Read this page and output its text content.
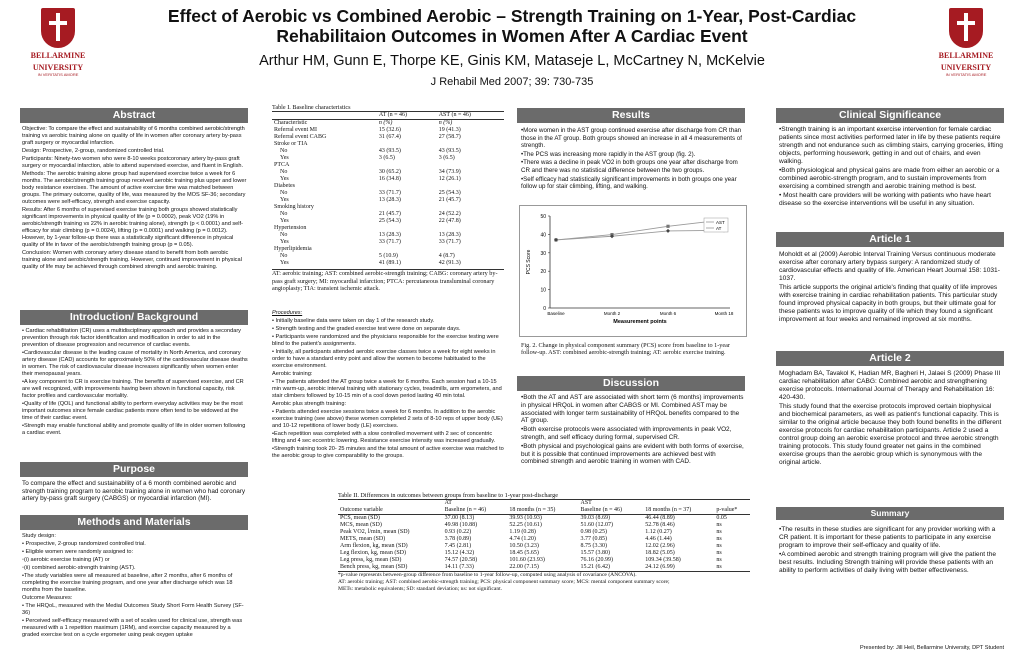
BELLARMINE
UNIVERSITY
IN VERITATIS AMORE
BELLARMINE
UNIVERSITY
IN VERITATIS AMORE
Effect of Aerobic vs Combined Aerobic – Strength Training on 1-Year, Post-Cardiac
Rehabilitaion Outcomes in Women After A Cardiac Event
Arthur HM, Gunn E, Thorpe KE, Ginis KM, Mataseje L, McCartney N, McKelvie
J Rehabil Med 2007; 39: 730-735
Abstract

Objective: To compare the effect and sustainability of 6 months combined aerobic/strength training vs aerobic training alone on quality of life in women after coronary artery by-pass graft surgery or myocardial infarction.

Design: Prospective, 2-group, randomized controlled trial.

Participants: Ninety-two women who were 8-10 weeks postcoronary artery by-pass graft surgery or myocardial infarction, able to attend supervised exercise, and fluent in English.

Methods: The aerobic training alone group had supervised exercise twice a week for 6 months. The aerobic/strength training group received aerobic training plus upper and lower body resistance exercises. The amount of active exercise time was matched between groups. The primary outcome, quality of life, was measured by the MOS SF-36; secondary outcomes were self-efficacy, strength and exercise capacity.

Results: After 6 months of supervised exercise training both groups showed statistically significant improvements in physical quality of life (p = 0.0002), peak VO2 (19% in aerobic/strength training vs 22% in aerobic training alone), strength (p < 0.0001) and self-efficacy for stair climbing (p = 0.0024), lifting (p = 0.0001) and walking (p = 0.0012). However, by 1-year follow-up there was a statistically significant difference in physical quality of life in favor of the aerobic/strength training group (p = 0.05).

Conclusion: Women with coronary artery disease stand to benefit from both aerobic training alone and aerobic/strength training. However, continued improvement in physical quality of life may be achieved through combined strength and aerobic training.

Introduction/ Background

• Cardiac rehabilitation (CR) uses a multidisciplinary approach and provides a secondary prevention through risk factor identification and modification in order to aid in the prevention of disease progression and recurrence of cardiac events.

•Cardiovascular disease is the leading cause of mortality in North America, and coronary artery disease (CAD) accounts for approximately 50% of the cardiovascular disease deaths in women. The risk of cardiovascular disease increases significantly when women enter their menopausal years.

•A key component to CR is exercise training. The benefits of supervised exercise, and CR are well recognized, with improvements having been shown in functional capacity, risk factor profiles and cardiovascular mortality.

•Quality of life (QOL) and functional ability to perform everyday activities may be the most important outcomes since female cardiac patients more often tend to be widowed at the time of their cardiac event.

•Strength may enable functional ability and promote quality of life in older women following a cardiac event.

Purpose
To compare the effect and sustainability of a 6 month combined aerobic and strength training program to aerobic training alone in women who had coronary artery by-pass graft surgery (CABGS) or myocardial infarction (MI).
Methods and Materials

Study design:

• Prospective, 2-group randomized controlled trial.

• Eligible women were randomly assigned to:

◦(i) aerobic exercise training (AT) or

◦(ii) combined aerobic-strength training (AST).

•The study variables were all measured at baseline, after 2 months, after 6 months of completing the exercise training program, and one year after discharge which was 18 months from the baseline.

Outcome Measures:

• The HRQoL, measured with the Medial Outcomes Study Short Form Health Survey (SF-36)

• Perceived self-efficacy measured with a set of scales used for clinical use, strength was measured with a 1 repetition maximum (1RM), and exercise capacity measured by a graded exercise test on a cycle ergometer using peak oxygen uptake

Table I. Baseline characteristics
	AT (n = 46)	AST (n = 46)
Characteristic	n (%)	n (%)
Referral event MI	15 (32.6)	19 (41.3)
Referral event CABG	31 (67.4)	27 (58.7)
Stroke or TIA		
No	43 (93.5)	43 (93.5)
Yes	3 (6.5)	3 (6.5)
PTCA		
No	30 (65.2)	34 (73.9)
Yes	16 (34.8)	12 (26.1)
Diabetes		
No	33 (71.7)	25 (54.3)
Yes	13 (28.3)	21 (45.7)
Smoking history		
No	21 (45.7)	24 (52.2)
Yes	25 (54.3)	22 (47.8)
Hypertension		
No	13 (28.3)	13 (28.3)
Yes	33 (71.7)	33 (71.7)
Hyperlipidemia		
No	5 (10.9)	4 (8.7)
Yes	41 (89.1)	42 (91.3)
AT: aerobic training; AST: combined aerobic-strength training; CABG: coronary artery by-pass graft surgery; MI: myocardial infarction; PTCA: percutaneous transluminal coronary angioplasty; TIA: transient ischemic attack.

Procedures:

• Initially baseline data were taken on day 1 of the research study.

• Strength testing and the graded exercise test were done on separate days.

• Participants were randomized and the physicians responsible for the exercise testing were blind to the patient's assignments.

• Initially, all participants attended aerobic exercise classes twice a week for eight weeks in order to have a standard entry point and allow the women to become habituated to the exercise environment.

Aerobic training:

• The patients attended the AT group twice a week for 6 months. Each session had a 10-15 min warm-up, aerobic interval training with stationary cycles, treadmills, arm ergometers, and stair climbers followed by 10-15 min of a cool down period lasting 40 min total.

Aerobic plus strength training:

• Patients attended exercise sessions twice a week for 6 months. In addition to the aerobic exercise training (see above) these women completed 2 sets of 8-10 reps of upper body (UE) and 10-12 repetitions of lower body (LE) exercises.

•Each repetition was completed with a slow controlled movement with 2 sec of concentric lifting and 4 sec eccentric lowering. Resistance exercise intensity was increased gradually.

•Strength training took 20- 25 minutes and the total amount of active exercise was matched to the aerobic group to give comparability to the groups.

Table II. Differences in outcomes between groups from baseline to 1-year post-discharge
	AT		AST		
Outcome variable	Baseline (n = 46)	18 months (n = 35)	Baseline (n = 46)	18 months (n = 37)	p-value*
PCS, mean (SD)	37.00 (8.13)	39.93 (10.93)	39.03 (8.69)	46.44 (8.89)	0.05
MCS, mean (SD)	49.98 (10.88)	52.25 (10.61)	51.60 (12.07)	52.78 (8.46)	ns
Peak VO2, l/min, mean (SD)	0.93 (0.22)	1.19 (0.28)	0.98 (0.25)	1.12 (0.27)	ns
METS, mean (SD)	3.78 (0.89)	4.74 (1.20)	3.77 (0.85)	4.46 (1.44)	ns
Arm flexion, kg, mean (SD)	7.45 (2.81)	10.50 (3.23)	8.75 (3.30)	12.02 (2.96)	ns
Leg flexion, kg, mean (SD)	15.12 (4.32)	18.45 (5.65)	15.57 (3.80)	18.82 (5.05)	ns
Leg press, kg, mean (SD)	74.57 (20.58)	101.60 (23.93)	76.16 (20.99)	109.34 (39.58)	ns
Bench press, kg, mean (SD)	14.11 (7.33)	22.00 (7.15)	15.21 (6.42)	24.12 (6.99)	ns
*p-value represents between-group difference from baseline to 1-year follow-up, computed using analysis of covariance (ANCOVA).
AT: aerobic training; AST: combined aerobic-strength training; PCS: physical component summary score; MCS: mental component summary score;
METs: metabolic equivalents; SD: standard deviation; ns: not significant.
Results

•More women in the AST group continued exercise after discharge from CR than those in the AT group. Both groups showed an increase in all 4 measurements of strength.

•The PCS was increasing more rapidly in the AST group (fig. 2).

•There was a decline in peak VO2 in both groups one year after discharge from CR and there was no statistical difference between the two groups.

•Self efficacy had statistically significant improvements in both groups one year follow up for stair climbing, lifting, and walking.

0
10
20
30
40
50
Baseline	Month 2	Month 6	Month 18
PCS Score
Measurement points
AST
AT
Fig. 2. Change in physical component summary (PCS) score from baseline to 1-year follow-up. AST: combined aerobic-strength training; AT: aerobic exercise training.
Discussion

•Both the AT and AST are associated with short term (6 months) improvements in physical HRQoL in women after CABGS or MI. Combined AST may be associated with longer term sustainability of HRQoL benefits compared to the AT group.

•Both exercise protocols were associated with improvements in peak VO2, strength, and self efficacy during formal, supervised CR.

•Both physical and psychological gains are evident with both forms of exercise, but it is possible that continued improvements are achieved best with combined strength and aerobic training in women with CAD.

Clinical Significance

•Strength training is an important exercise intervention for female cardiac patients since most activities performed later in life by these patients require strength and not endurance such as climbing stairs, carrying groceries, lifting objects, performing housework, getting in and out of chairs, and even walking.

•Both physiological and physical gains are made from either an aerobic or a combined aerobic-strength program, and to sustain improvements from exercising a combined strength and aerobic training method is best.

• Most health care providers will be working with patients who have heart disease so the exercise interventions will be useful in any situation.

Article 1

Moholdt et al (2009) Aerobic Interval Training Versus continuous moderate exercise after coronary artery bypass surgery: A randomized study of cardiovascular effects and quality of life. American Heart Journal 158: 1031-1037.

This article supports the original article's finding that quality of life improves with exercise training in cardiac rehabilitation patients. This particular study found improved physical capacity in both groups, but their ultimate goal for these patients was to improve quality of life which they found a significant improvement at four weeks and remained improved at six months.

Article 2

Moghadam BA, Tavakol K, Hadian MR, Bagheri H, Jalaei S (2009) Phase III cardiac rehabilitation after CABG: Combined aerobic and strengthening exercise protocols. International Journal of Therapy and Rehabilitation 16: 420-430.

This study found that the exercise protocols improved certain biophysical and biochemical parameters, as well as patient's functional capacity. This is similar to the original article because they both found benefits in the different exercise protocols for cardiac rehabilitation participants. Article 2 used a control group doing an aerobic exercise protocol and three aerobic strength training protocols. This study found greater net gains in the combined exercise groups than the aerobic group which is synonymous with the original article.

Summary

•The results in these studies are significant for any provider working with a CR patient. It is important for these patients to participate in any exercise program to improve their self-efficacy and quality of life.

•A combined aerobic and strength training program will give the patient the best results. Including Strength training will provide these patients with an ability to perform activities of daily living with better effectiveness.

Presented by: Jill Heil, Bellarmine University, DPT Student
